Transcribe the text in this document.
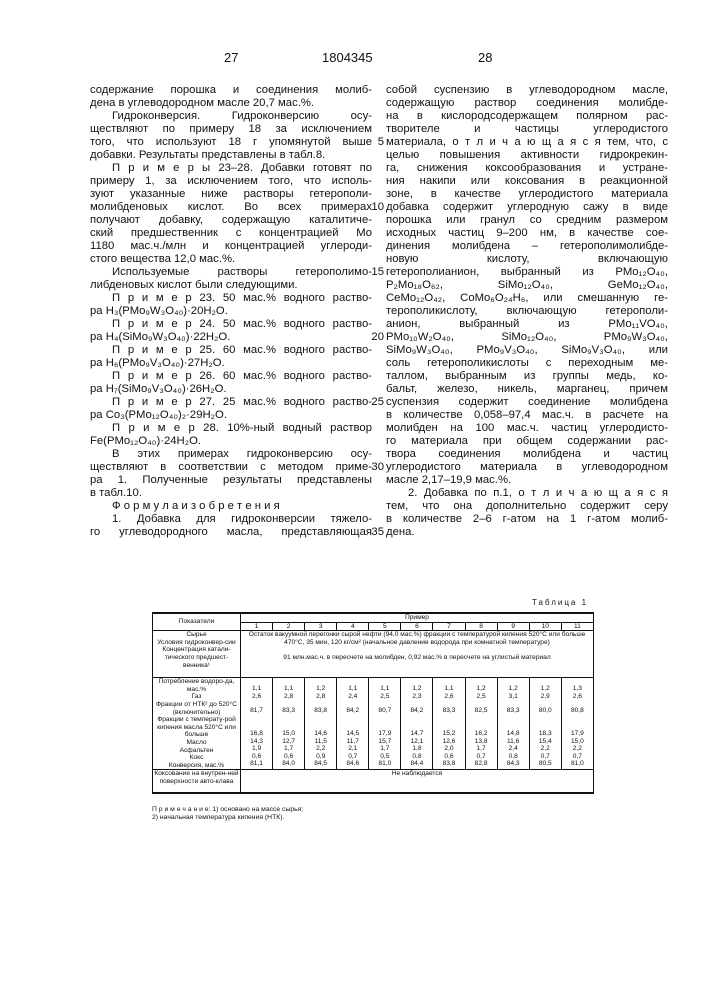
27	1804345	28
содержание порошка и соединения молиб-
дена в углеводородном масле 20,7 мас.%.
Гидроконверсия. Гидроконверсию осу-
ществляют по примеру 18 за исключением
того, что используют 18 г упомянутой выше
добавки. Результаты представлены в табл.8.
П р и м е р ы 23–28. Добавки готовят по
примеру 1, за исключением того, что исполь-
зуют указанные ниже растворы гетерополи-
молибденовых кислот. Во всех примерах
получают добавку, содержащую каталитиче-
ский предшественник с концентрацией Mo
1180 мас.ч./млн и концентрацией углероди-
стого вещества 12,0 мас.%.
Используемые растворы гетерополимо-
либденовых кислот были следующими.
П р и м е р 23. 50 мас.% водного раство-
ра H₃(PMo₉W₃O₄₀)·20H₂O.
П р и м е р 24. 50 мас.% водного раство-
ра H₄(SiMo₉W₃O₄₀)·22H₂O.
П р и м е р 25. 60 мас.% водного раство-
ра H₆(PMo₉V₃O₄₀)·27H₂O.
П р и м е р 26. 60 мас.% водного раство-
ра H₇(SiMo₉V₃O₄₀)·26H₂O.
П р и м е р 27. 25 мас.% водного раство-
ра Co₃(PMo₁₂O₄₀)₂·29H₂O.
П р и м е р 28. 10%-ный водный раствор
Fe(PMo₁₂O₄₀)·24H₂O.
В этих примерах гидроконверсию осу-
ществляют в соответствии с методом приме-
ра 1. Полученные результаты представлены
в табл.10.
Ф о р м у л а и з о б р е т е н и я
1. Добавка для гидроконверсии тяжело-
го углеводородного масла, представляющая
собой суспензию в углеводородном масле,
содержащую раствор соединения молибде-
на в кислородсодержащем полярном рас-
творителе и частицы углеродистого
материала, о т л и ч а ю щ а я с я тем, что, с
целью повышения активности гидрокрекин-
га, снижения коксообразования и устране-
ния накипи или коксования в реакционной
зоне, в качестве углеродистого материала
добавка содержит углеродную сажу в виде
порошка или гранул со средним размером
исходных частиц 9–200 нм, в качестве сое-
динения молибдена – гетерополимолибде-
новую кислоту, включающую
гетерополианион, выбранный из PMo₁₂O₄₀,
P₂Mo₁₈O₆₂, SiMo₁₂O₄₀, GeMo₁₂O₄₀,
CeMo₁₂O₄₂, CoMo₆O₂₄H₆, или смешанную ге-
терополикислоту, включающую гетерополи-
анион, выбранный из PMo₁₁VO₄₀,
PMo₁₀W₂O₄₀, SiMo₁₂O₄₀, PMo₉W₃O₄₀,
SiMo₉W₃O₄₀, PMo₉V₃O₄₀, SiMo₉V₃O₄₀, или
соль гетерополикислоты с переходным ме-
таллом, выбранным из группы медь, ко-
бальт, железо, никель, марганец, причем
суспензия содержит соединение молибдена
в количестве 0,058–97,4 мас.ч. в расчете на
молибден на 100 мас.ч. частиц углеродисто-
го материала при общем содержании рас-
твора соединения молибдена и частиц
углеродистого материала в углеводородном
масле 2,17–19,9 мас.%.
2. Добавка по п.1, о т л и ч а ю щ а я с я
тем, что она дополнительно содержит серу
в количестве 2–6 г-атом на 1 г-атом молиб-
дена.
5
10
15
20
25
30
35
Таблица 1
Показатели	Пример
1	2	3	4	5	6	7	8	9	10	11

Сырье
Условия гидроконвер-сии
Концентрация катали-тического предшест-венника¹

Остаток вакуумной перегонки сырой нефти (94,0 мас.%) фракции с температурой кипения 520°С или больше
470°С, 35 мин, 120 кг/см² (начальное давление водорода при комнатной температуре)
91 млн.мас.ч. в пересчете на молибден, 0,92 мас.% в пересчете на углистый материал

Потребление водоро-да, мас.%
Газ
Фракции от НТК² до 520°С (включительно)
Фракции с температу-рой кипения масла 520°С или больше
Масло
Асфальтен
Кокс
Конверсия, мас.%

1,1
2,6
81,7
16,8
14,3
1,9
0,6
81,1

1,1
2,8
83,3
15,0
12,7
1,7
0,6
84,0

1,2
2,8
83,8
14,6
11,5
2,2
0,9
84,5

1,1
2,4
84,2
14,5
11,7
2,1
0,7
84,6

1,1
2,5
80,7
17,9
15,7
1,7
0,5
81,0

1,2
2,3
84,2
14,7
12,1
1,8
0,8
84,4

1,1
2,6
83,3
15,2
12,6
2,0
0,6
83,8

1,2
2,5
82,5
16,2
13,8
1,7
0,7
82,8

1,2
3,1
83,3
14,8
11,6
2,4
0,8
84,3

1,2
2,9
80,0
18,3
15,4
2,2
0,7
80,5

1,3
2,6
80,8
17,9
15,0
2,2
0,7
81,0

Коксование на внутрен-ней поверхности авто-клава	Не наблюдается
П р и м е ч а н и е: 1) основано на массе сырья;
2) начальная температура кипения (НТК).
